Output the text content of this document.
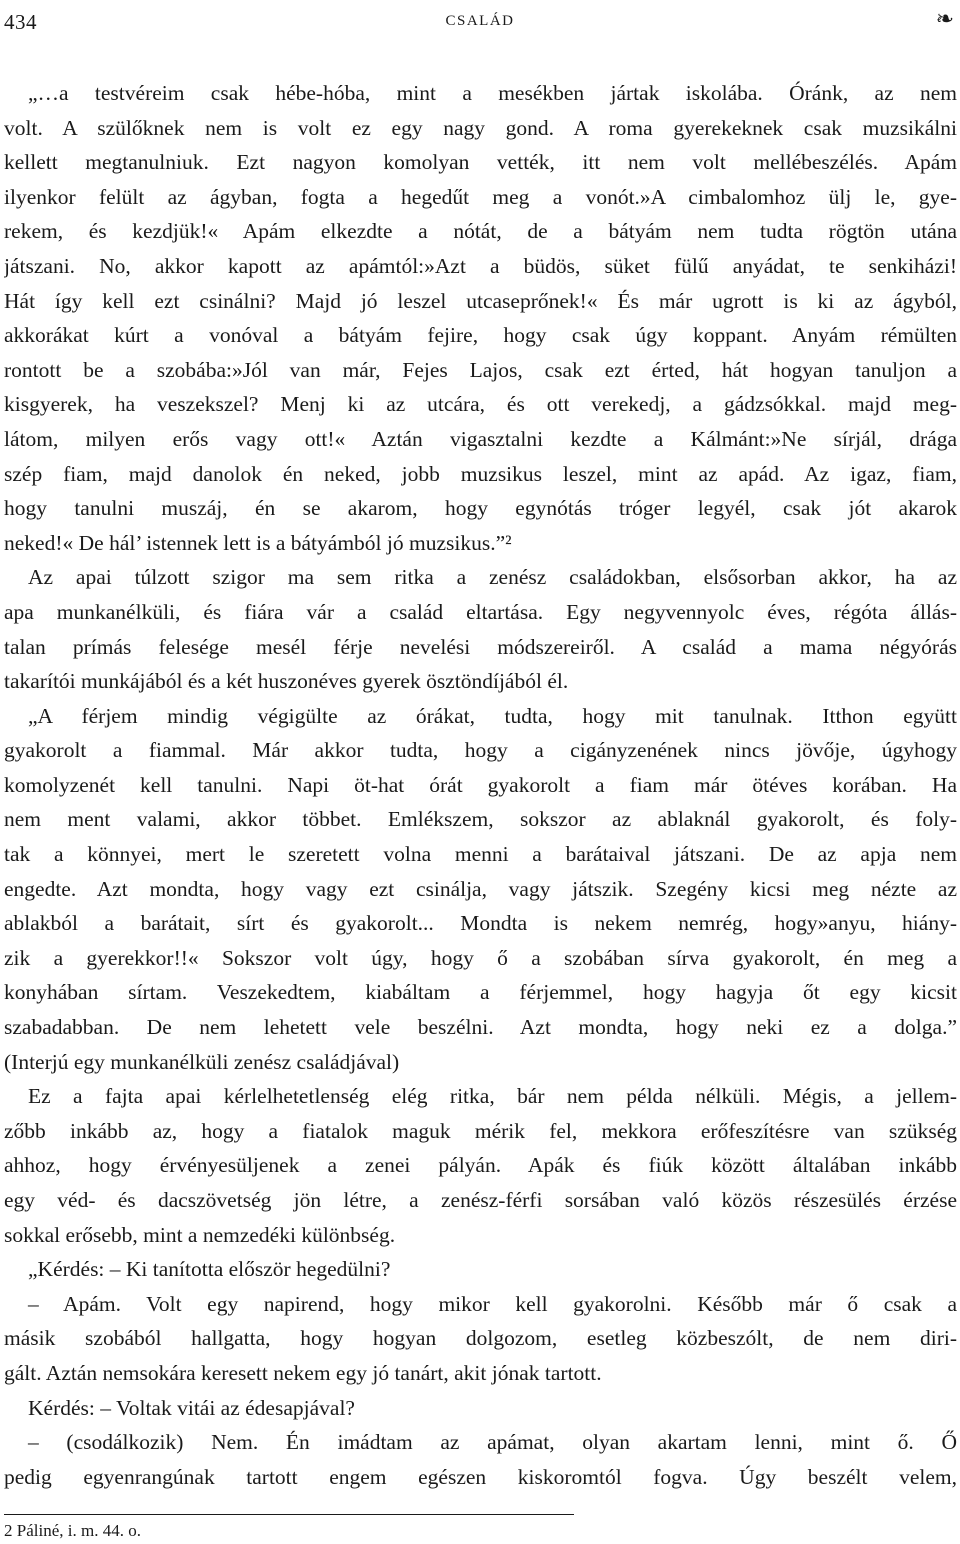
434	CSALÁD	❧
„…a testvéreim csak hébe-hóba, mint a mesékben jártak iskolába. Óránk, az nem
volt. A szülőknek nem is volt ez egy nagy gond. A roma gyerekeknek csak muzsikálni
kellett megtanulniuk. Ezt nagyon komolyan vették, itt nem volt mellébeszélés. Apám
ilyenkor felült az ágyban, fogta a hegedűt meg a vonót.»A cimbalomhoz ülj le, gye-
rekem, és kezdjük!« Apám elkezdte a nótát, de a bátyám nem tudta rögtön utána
játszani. No, akkor kapott az apámtól:»Azt a büdös, süket fülű anyádat, te senkiházi!
Hát így kell ezt csinálni? Majd jó leszel utcaseprőnek!« És már ugrott is ki az ágyból,
akkorákat kúrt a vonóval a bátyám fejire, hogy csak úgy koppant. Anyám rémülten
rontott be a szobába:»Jól van már, Fejes Lajos, csak ezt érted, hát hogyan tanuljon a
kisgyerek, ha veszekszel? Menj ki az utcára, és ott verekedj, a gádzsókkal. majd meg-
látom, milyen erős vagy ott!« Aztán vigasztalni kezdte a Kálmánt:»Ne sírjál, drága
szép fiam, majd danolok én neked, jobb muzsikus leszel, mint az apád. Az igaz, fiam,
hogy tanulni muszáj, én se akarom, hogy egynótás tróger legyél, csak jót akarok
neked!« De hál’ istennek lett is a bátyámból jó muzsikus.”²
Az apai túlzott szigor ma sem ritka a zenész családokban, elsősorban akkor, ha az
apa munkanélküli, és fiára vár a család eltartása. Egy negyvennyolc éves, régóta állás-
talan prímás felesége mesél férje nevelési módszereiről. A család a mama négyórás
takarítói munkájából és a két huszonéves gyerek ösztöndíjából él.
„A férjem mindig végigülte az órákat, tudta, hogy mit tanulnak. Itthon együtt
gyakorolt a fiammal. Már akkor tudta, hogy a cigányzenének nincs jövője, úgyhogy
komolyzenét kell tanulni. Napi öt-hat órát gyakorolt a fiam már ötéves korában. Ha
nem ment valami, akkor többet. Emlékszem, sokszor az ablaknál gyakorolt, és foly-
tak a könnyei, mert le szeretett volna menni a barátaival játszani. De az apja nem
engedte. Azt mondta, hogy vagy ezt csinálja, vagy játszik. Szegény kicsi meg nézte az
ablakból a barátait, sírt és gyakorolt... Mondta is nekem nemrég, hogy»anyu, hiány-
zik a gyerekkor!!« Sokszor volt úgy, hogy ő a szobában sírva gyakorolt, én meg a
konyhában sírtam. Veszekedtem, kiabáltam a férjemmel, hogy hagyja őt egy kicsit
szabadabban. De nem lehetett vele beszélni. Azt mondta, hogy neki ez a dolga.”
(Interjú egy munkanélküli zenész családjával)
Ez a fajta apai kérlelhetetlenség elég ritka, bár nem példa nélküli. Mégis, a jellem-
zőbb inkább az, hogy a fiatalok maguk mérik fel, mekkora erőfeszítésre van szükség
ahhoz, hogy érvényesüljenek a zenei pályán. Apák és fiúk között általában inkább
egy véd- és dacszövetség jön létre, a zenész-férfi sorsában való közös részesülés érzése
sokkal erősebb, mint a nemzedéki különbség.
„Kérdés: – Ki tanította először hegedülni?
– Apám. Volt egy napirend, hogy mikor kell gyakorolni. Később már ő csak a
másik szobából hallgatta, hogy hogyan dolgozom, esetleg közbeszólt, de nem diri-
gált. Aztán nemsokára keresett nekem egy jó tanárt, akit jónak tartott.
Kérdés: – Voltak vitái az édesapjával?
– (csodálkozik) Nem. Én imádtam az apámat, olyan akartam lenni, mint ő. Ő
pedig egyenrangúnak tartott engem egészen kiskoromtól fogva. Úgy beszélt velem,
2 Páliné, i. m. 44. o.
